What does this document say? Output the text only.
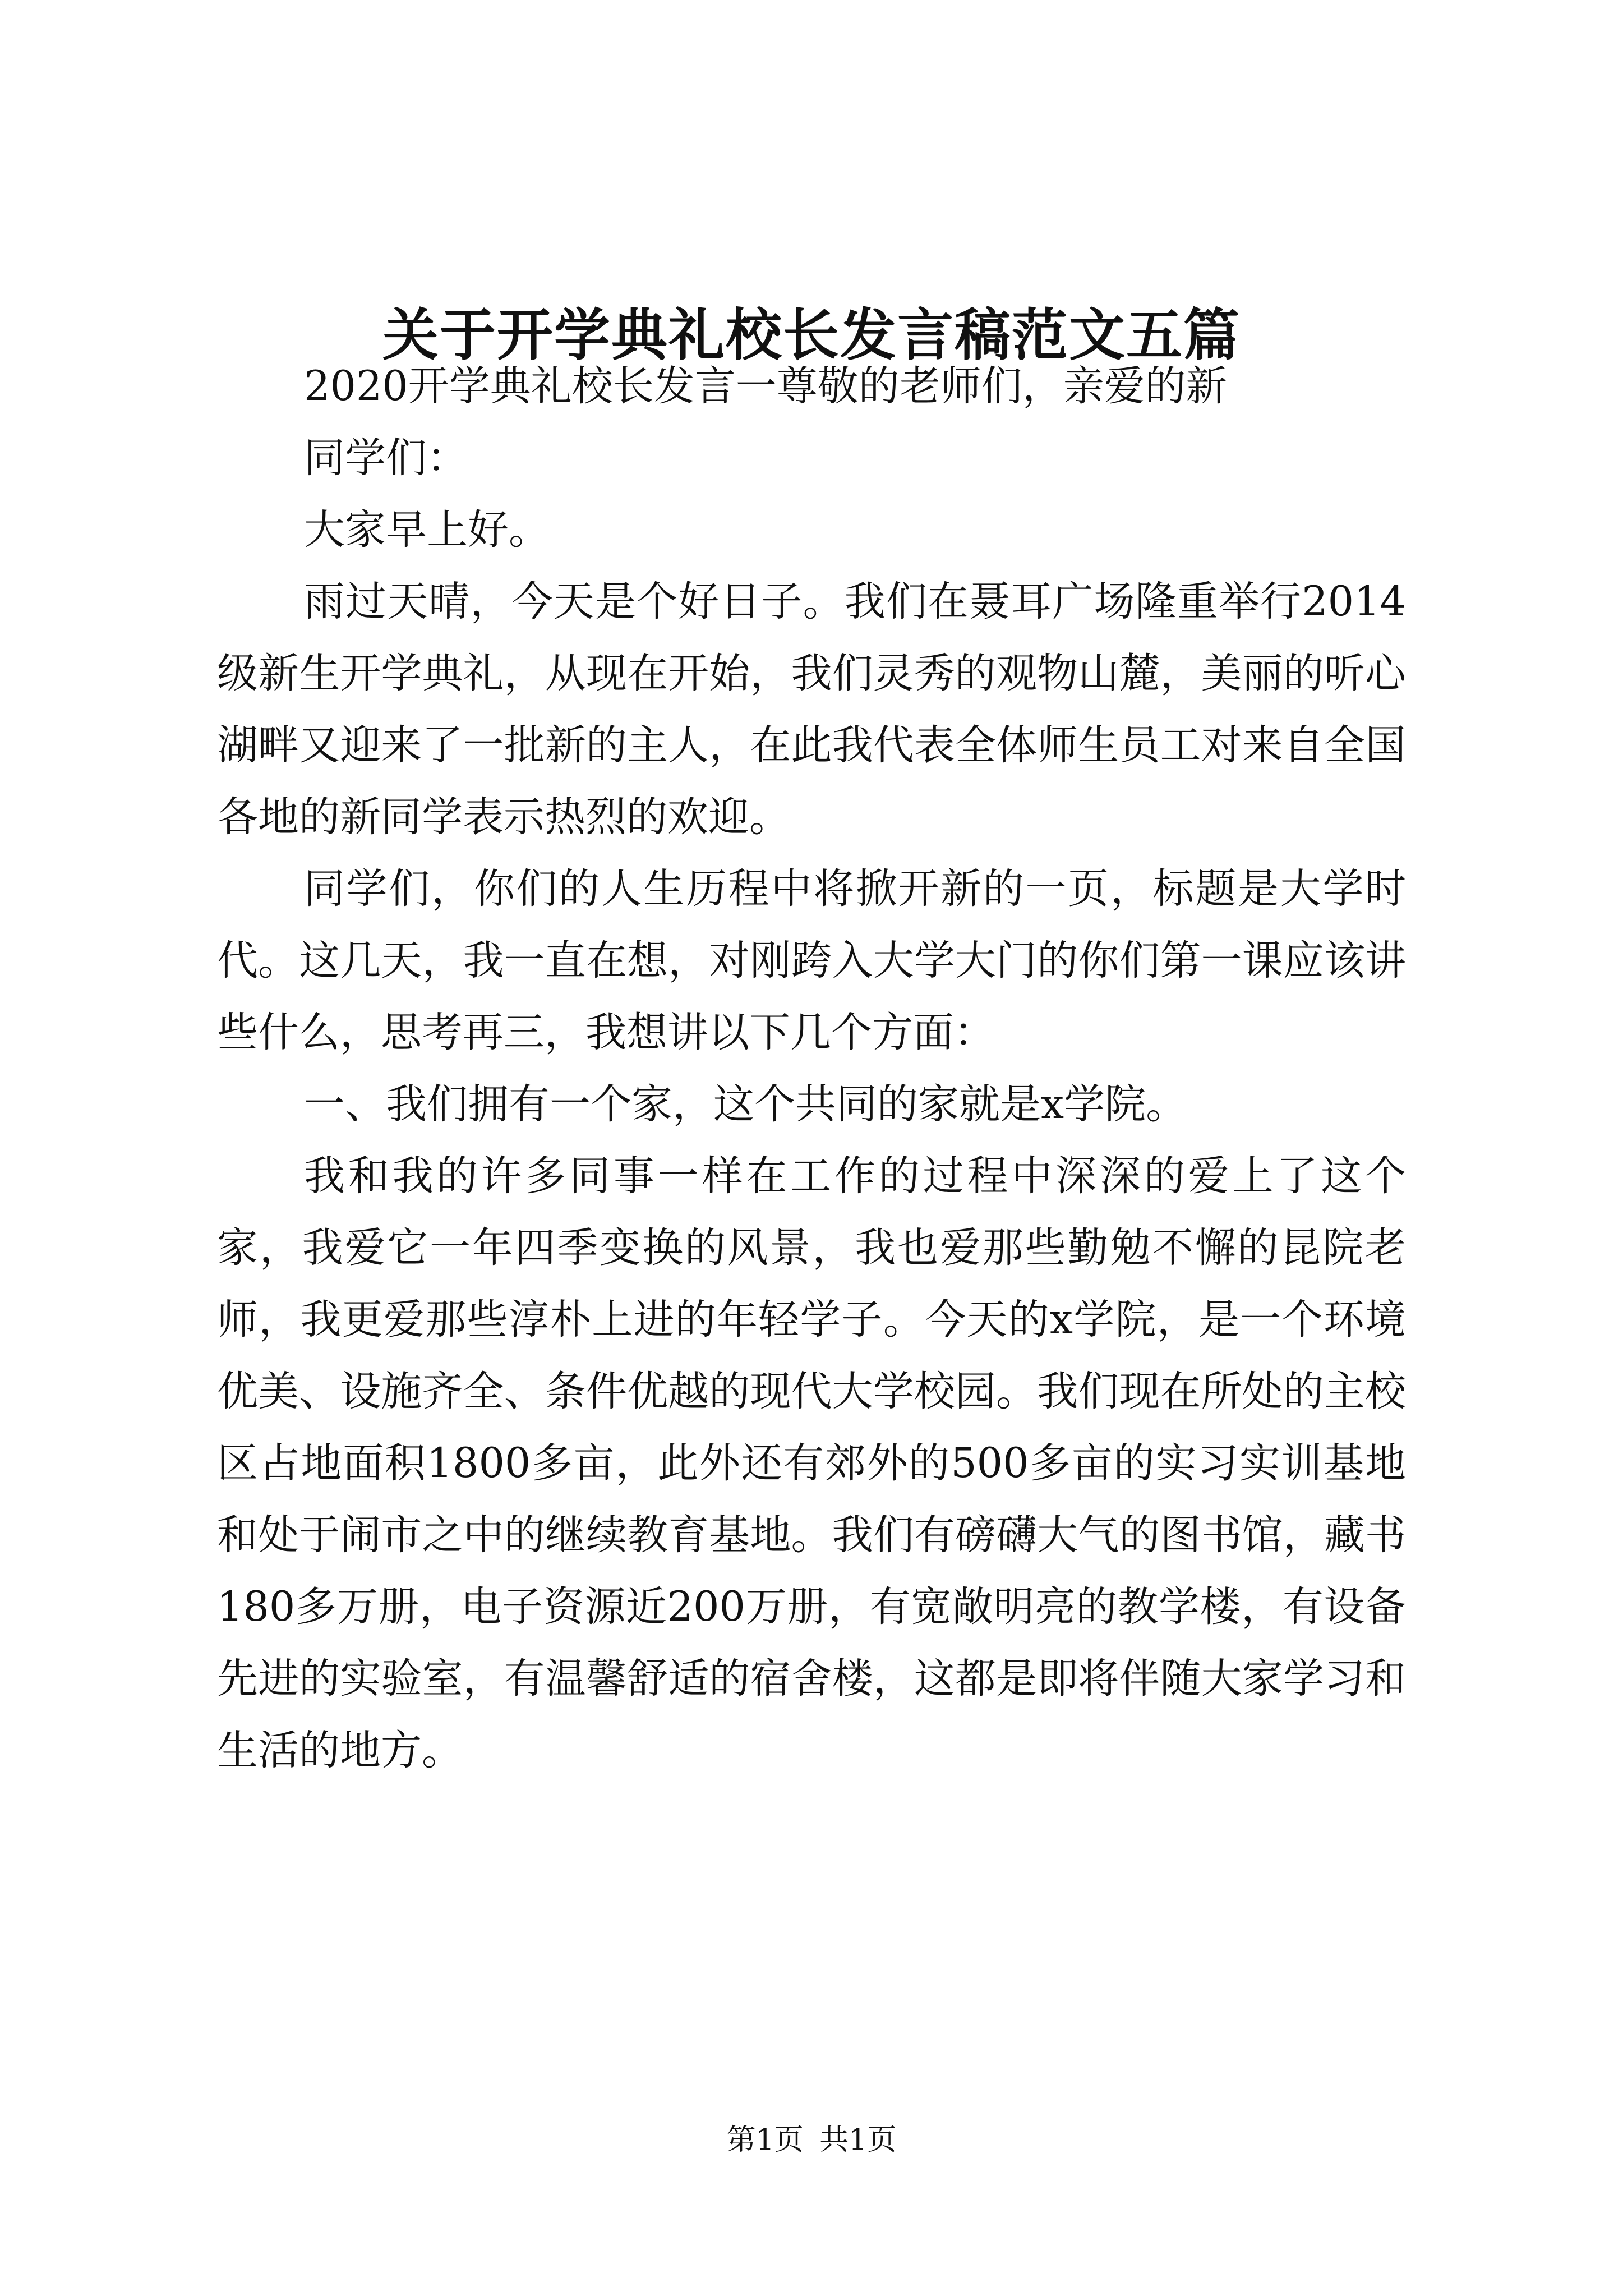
关于开学典礼校长发言稿范文五篇

2020开学典礼校长发言一尊敬的老师们，亲爱的新

同学们：

大家早上好。

雨过天晴，今天是个好日子。我们在聂耳广场隆重举行2014级新生开学典礼，从现在开始，我们灵秀的观物山麓，美丽的听心湖畔又迎来了一批新的主人，在此我代表全体师生员工对来自全国各地的新同学表示热烈的欢迎。

同学们，你们的人生历程中将掀开新的一页，标题是大学时代。这几天，我一直在想，对刚跨入大学大门的你们第一课应该讲些什么，思考再三，我想讲以下几个方面：

一、我们拥有一个家，这个共同的家就是x学院。

我和我的许多同事一样在工作的过程中深深的爱上了这个家，我爱它一年四季变换的风景，我也爱那些勤勉不懈的昆院老师，我更爱那些淳朴上进的年轻学子。今天的x学院，是一个环境优美、设施齐全、条件优越的现代大学校园。我们现在所处的主校区占地面积1800多亩，此外还有郊外的500多亩的实习实训基地和处于闹市之中的继续教育基地。我们有磅礴大气的图书馆，藏书180多万册，电子资源近200万册，有宽敞明亮的教学楼，有设备先进的实验室，有温馨舒适的宿舍楼，这都是即将伴随大家学习和生活的地方。

第1页 共1页
